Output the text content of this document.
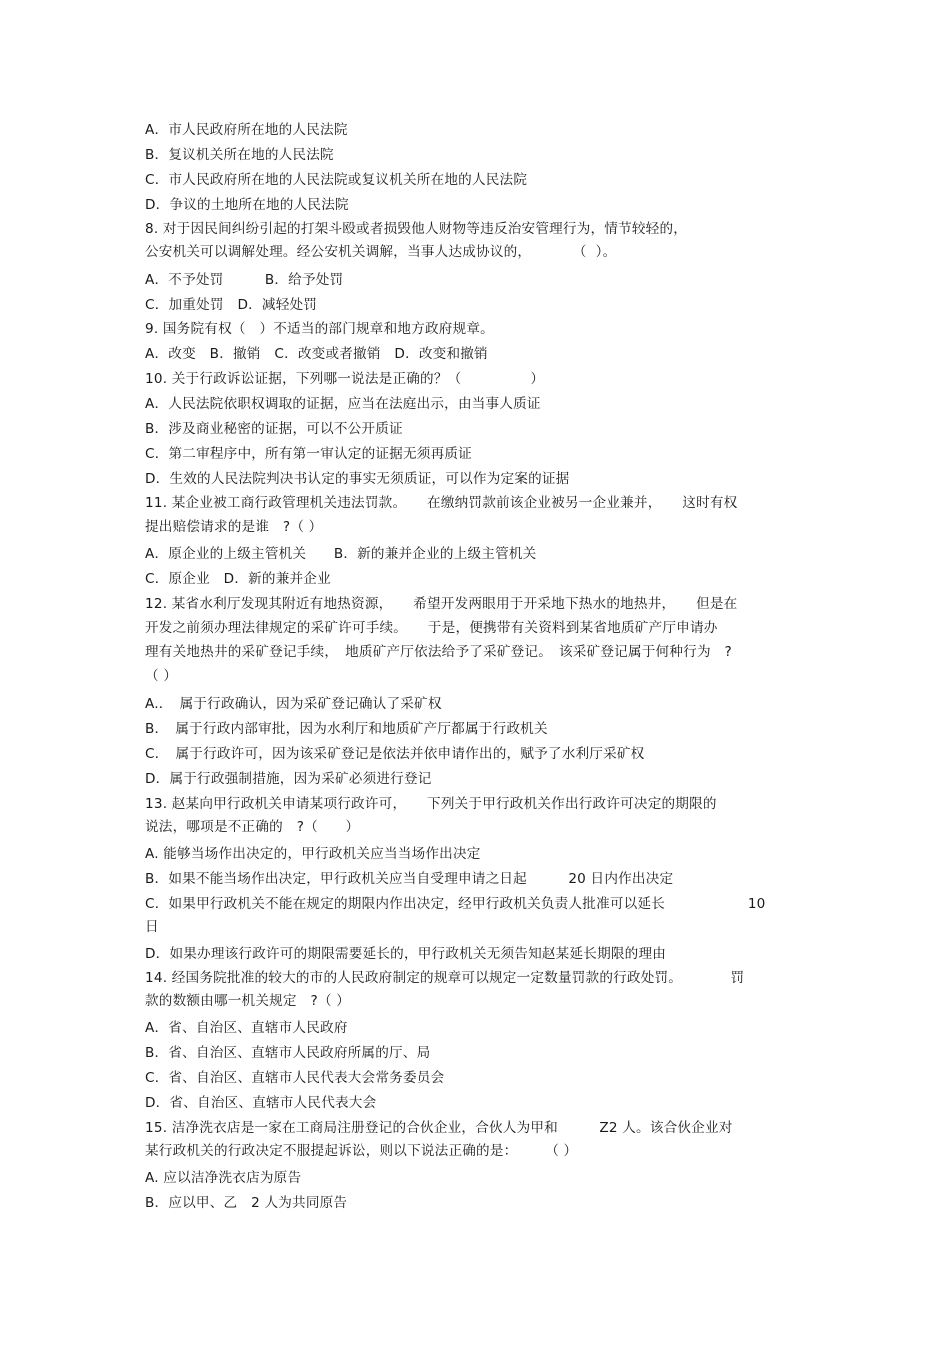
A．市人民政府所在地的人民法院
B．复议机关所在地的人民法院
C．市人民政府所在地的人民法院或复议机关所在地的人民法院
D．争议的土地所在地的人民法院
8. 对于因民间纠纷引起的打架斗殴或者损毁他人财物等违反治安管理行为，情节较轻的，
公安机关可以调解处理。经公安机关调解，当事人达成协议的，　　　　（  ）。
A．不予处罚　　　B．给予处罚
C．加重处罚　D．减轻处罚
9. 国务院有权（　）不适当的部门规章和地方政府规章。
A．改变　B．撤销　C．改变或者撤销　D．改变和撤销
10. 关于行政诉讼证据，下列哪一说法是正确的？（　　　　　）
A．人民法院依职权调取的证据，应当在法庭出示，由当事人质证
B．涉及商业秘密的证据，可以不公开质证
C．第二审程序中，所有第一审认定的证据无须再质证
D．生效的人民法院判决书认定的事实无须质证，可以作为定案的证据
11. 某企业被工商行政管理机关违法罚款。　　在缴纳罚款前该企业被另一企业兼并，　　这时有权
提出赔偿请求的是谁　?（ ）
A．原企业的上级主管机关　　B．新的兼并企业的上级主管机关
C．原企业　D．新的兼并企业
12. 某省水利厅发现其附近有地热资源，　　希望开发两眼用于开采地下热水的地热井，　　但是在
开发之前须办理法律规定的采矿许可手续。　　于是，便携带有关资料到某省地质矿产厅申请办
理有关地热井的采矿登记手续，　地质矿产厅依法给予了采矿登记。　该采矿登记属于何种行为　?
（ ）
A.．　属于行政确认，因为采矿登记确认了采矿权
B．　属于行政内部审批，因为水利厅和地质矿产厅都属于行政机关
C．　属于行政许可，因为该采矿登记是依法并依申请作出的，赋予了水利厅采矿权
D．属于行政强制措施，因为采矿必须进行登记
13. 赵某向甲行政机关申请某项行政许可，　　下列关于甲行政机关作出行政许可决定的期限的
说法，哪项是不正确的　?（　　）
A. 能够当场作出决定的，甲行政机关应当当场作出决定
B．如果不能当场作出决定，甲行政机关应当自受理申请之日起　　　20 日内作出决定
C．如果甲行政机关不能在规定的期限内作出决定，经甲行政机关负责人批准可以延长　　　　　　10
日
D．如果办理该行政许可的期限需要延长的，甲行政机关无须告知赵某延长期限的理由
14. 经国务院批准的较大的市的人民政府制定的规章可以规定一定数量罚款的行政处罚。　　　　罚
款的数额由哪一机关规定　?（ ）
A．省、自治区、直辖市人民政府
B．省、自治区、直辖市人民政府所属的厅、局
C．省、自治区、直辖市人民代表大会常务委员会
D．省、自治区、直辖市人民代表大会
15. 洁净洗衣店是一家在工商局注册登记的合伙企业，合伙人为甲和　　　Z2 人。该合伙企业对
某行政机关的行政决定不服提起诉讼，则以下说法正确的是：　　　（ ）
A. 应以洁净洗衣店为原告
B．应以甲、乙　2 人为共同原告
